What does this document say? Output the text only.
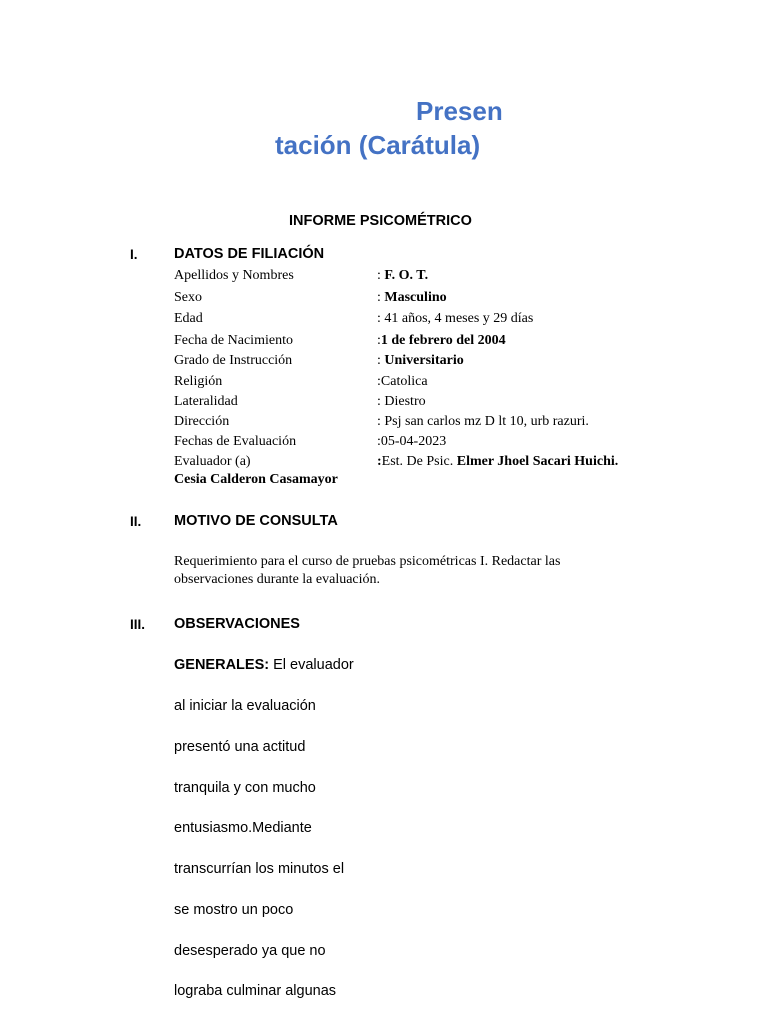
Presen
tación (Carátula)
INFORME PSICOMÉTRICO
I.	DATOS DE FILIACIÓN
Apellidos y Nombres	: F. O. T.
Sexo	: Masculino
Edad	: 41 años, 4 meses y 29 días
Fecha de Nacimiento	:1 de febrero del 2004
Grado de Instrucción	: Universitario
Religión	:Catolica
Lateralidad	: Diestro
Dirección	: Psj san carlos mz D lt 10, urb razuri.
Fechas de Evaluación	:05-04-2023
Evaluador (a)	:Est. De Psic. Elmer Jhoel Sacari Huichi.
Cesia Calderon Casamayor
II. MOTIVO DE CONSULTA
Requerimiento para el curso de pruebas psicométricas I. Redactar las
observaciones durante la evaluación.
III. OBSERVACIONES
GENERALES: El evaluador
al iniciar la evaluación
presentó una actitud
tranquila y con mucho
entusiasmo.Mediante
transcurrían los minutos el
se mostro un poco
desesperado ya que no
lograba culminar algunas
